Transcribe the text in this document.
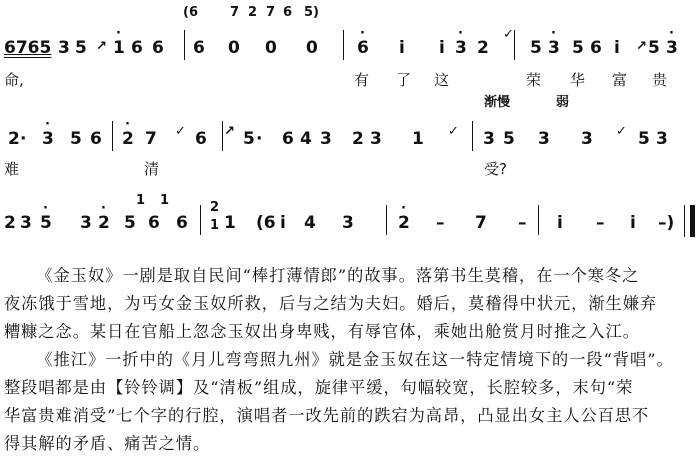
6765 3 5
·
1 6 6 6 0 0 0
·
6 i i
·
3 2 5
·
3 5 6 i 5
·
3
命,	有 了 这	荣 华 富 贵
(6 7 2 7 6 5)
✓
↗	↗
2 ·
·
3 5 6
·
2 7 6 5 · 6 4 3 2 3 1	3 5 3 3	5 3
难	清	受?
渐慢	弱
✓	✓	✓
↗
2 3
·
5 3
·
2 5 6 6 1 (6 i 4 3
·
2 – 7 – i – i –)
1 1	2
1

《金玉奴》一剧是取自民间“棒打薄情郎”的故事。落第书生莫稽，在一个寒冬之
夜冻饿于雪地，为丐女金玉奴所救，后与之结为夫妇。婚后，莫稽得中状元，渐生嫌弃
糟糠之念。某日在官船上忽念玉奴出身卑贱，有辱官体，乘她出舱赏月时推之入江。

《推江》一折中的《月儿弯弯照九州》就是金玉奴在这一特定情境下的一段“背唱”。
整段唱都是由【铃铃调】及“清板”组成，旋律平缓，句幅较宽，长腔较多，末句“荣
华富贵难消受”七个字的行腔，演唱者一改先前的跌宕为高昂，凸显出女主人公百思不
得其解的矛盾、痛苦之情。
